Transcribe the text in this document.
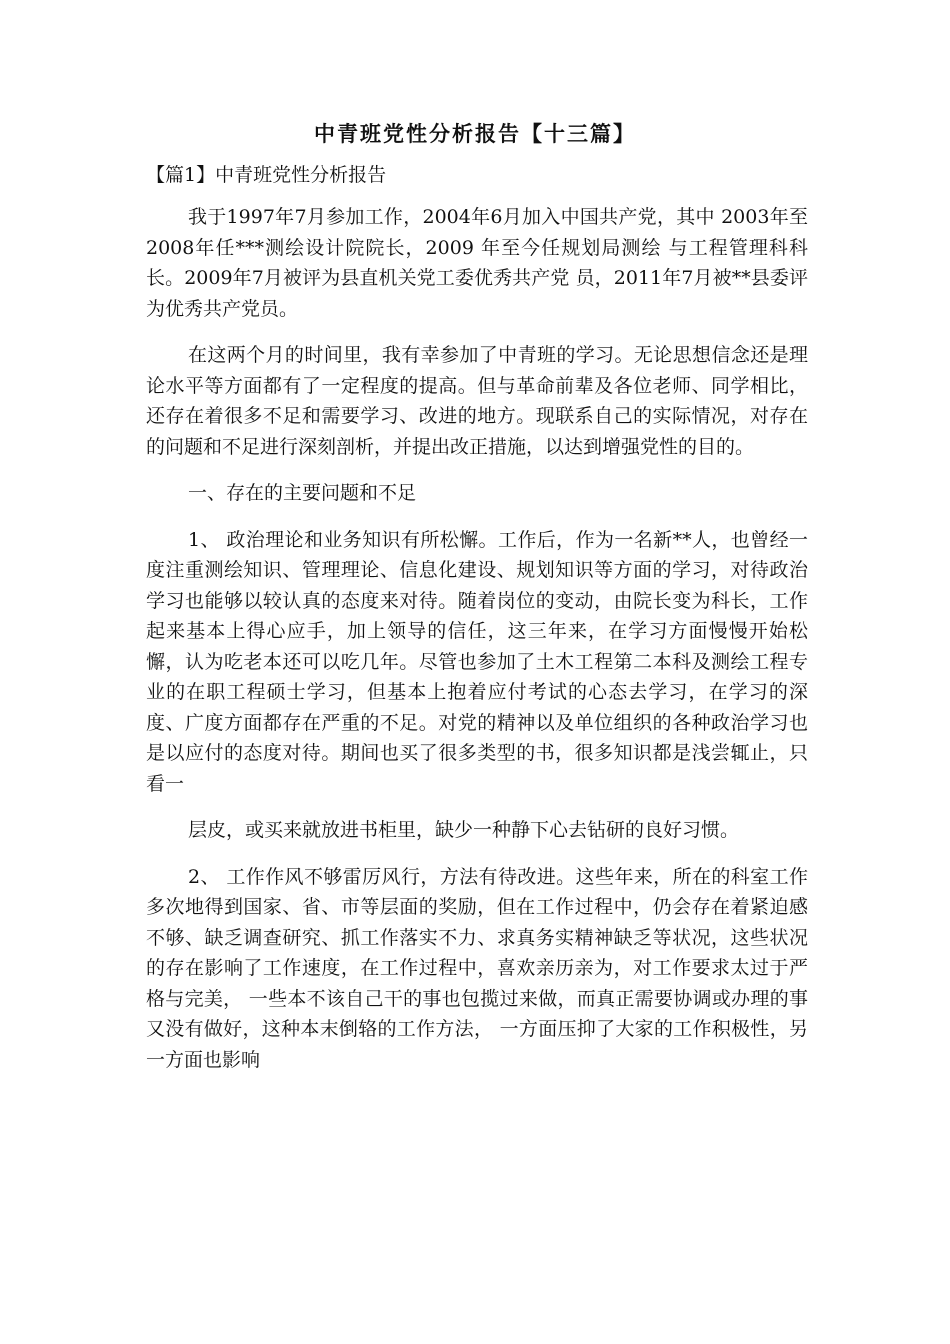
中青班党性分析报告【十三篇】

【篇1】中青班党性分析报告

我于1997年7月参加工作，2004年6月加入中国共产党，其中 2003年至2008年任***测绘设计院院长，2009 年至今任规划局测绘 与工程管理科科长。2009年7月被评为县直机关党工委优秀共产党 员，2011年7月被**县委评为优秀共产党员。

在这两个月的时间里，我有幸参加了中青班的学习。无论思想信念还是理论水平等方面都有了一定程度的提高。但与革命前辈及各位老师、同学相比，还存在着很多不足和需要学习、改进的地方。现联系自己的实际情况，对存在的问题和不足进行深刻剖析，并提出改正措施，以达到增强党性的目的。

一、存在的主要问题和不足

1、 政治理论和业务知识有所松懈。工作后，作为一名新**人，也曾经一度注重测绘知识、管理理论、信息化建设、规划知识等方面的学习，对待政治学习也能够以较认真的态度来对待。随着岗位的变动，由院长变为科长，工作起来基本上得心应手，加上领导的信任，这三年来，在学习方面慢慢开始松懈，认为吃老本还可以吃几年。尽管也参加了土木工程第二本科及测绘工程专业的在职工程硕士学习，但基本上抱着应付考试的心态去学习，在学习的深度、广度方面都存在严重的不足。对党的精神以及单位组织的各种政治学习也是以应付的态度对待。期间也买了很多类型的书，很多知识都是浅尝辄止，只看一

层皮，或买来就放进书柜里，缺少一种静下心去钻研的良好习惯。

2、 工作作风不够雷厉风行，方法有待改进。这些年来，所在的科室工作多次地得到国家、省、市等层面的奖励，但在工作过程中，仍会存在着紧迫感不够、缺乏调查研究、抓工作落实不力、求真务实精神缺乏等状况，这些状况的存在影响了工作速度，在工作过程中，喜欢亲历亲为，对工作要求太过于严格与完美， 一些本不该自己干的事也包揽过来做，而真正需要协调或办理的事又没有做好，这种本末倒辂的工作方法， 一方面压抑了大家的工作积极性，另一方面也影响
